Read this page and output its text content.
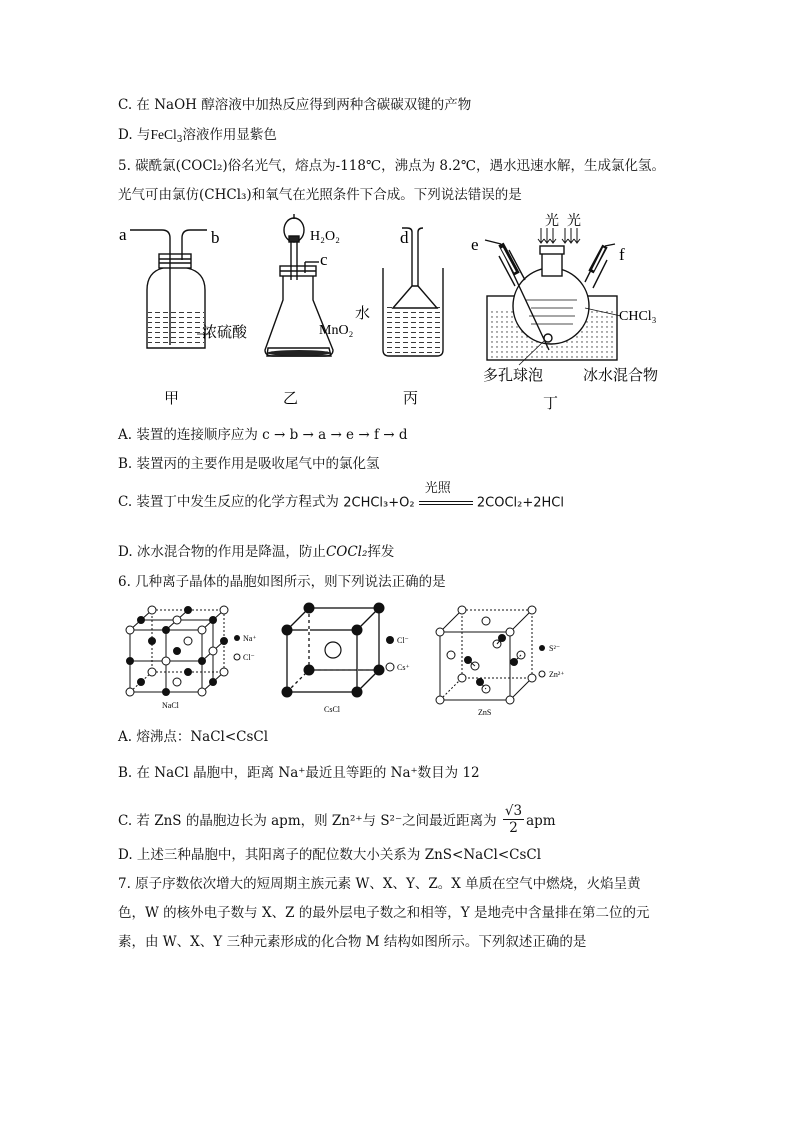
C. 在 NaOH 醇溶液中加热反应得到两种含碳碳双键的产物
D. 与FeCl$_3$溶液作用显紫色
5. 碳酰氯(COCl₂)俗名光气，熔点为-118℃，沸点为 8.2℃，遇水迅速水解，生成氯化氢。
光气可由氯仿(CHCl₃)和氧气在光照条件下合成。下列说法错误的是
a	b
浓硫酸
甲
H₂O₂
c
MnO₂
乙
d
水
丙
光 光
e
f
CHCl₃
多孔球泡	冰水混合物
丁
A. 装置的连接顺序应为 c → b → a → e → f → d
B. 装置丙的主要作用是吸收尾气中的氯化氢
C. 装置丁中发生反应的化学方程式为 2CHCl₃+O₂
光照
2COCl₂+2HCl
D. 冰水混合物的作用是降温，防止COCl₂挥发
6. 几种离子晶体的晶胞如图所示，则下列说法正确的是
Na⁺
Cl⁻
NaCl
Cl⁻
Cs⁺
CsCl
S²⁻
Zn²⁺
ZnS
A. 熔沸点：NaCl<CsCl
B. 在 NaCl 晶胞中，距离 Na⁺最近且等距的 Na⁺数目为 12
C. 若 ZnS 的晶胞边长为 apm，则 Zn²⁺与 S²⁻之间最近距离为 $\frac{√3}{2}$ apm
D. 上述三种晶胞中，其阳离子的配位数大小关系为 ZnS<NaCl<CsCl
7. 原子序数依次增大的短周期主族元素 W、X、Y、Z。X 单质在空气中燃烧，火焰呈黄
色，W 的核外电子数与 X、Z 的最外层电子数之和相等，Y 是地壳中含量排在第二位的元
素，由 W、X、Y 三种元素形成的化合物 M 结构如图所示。下列叙述正确的是
